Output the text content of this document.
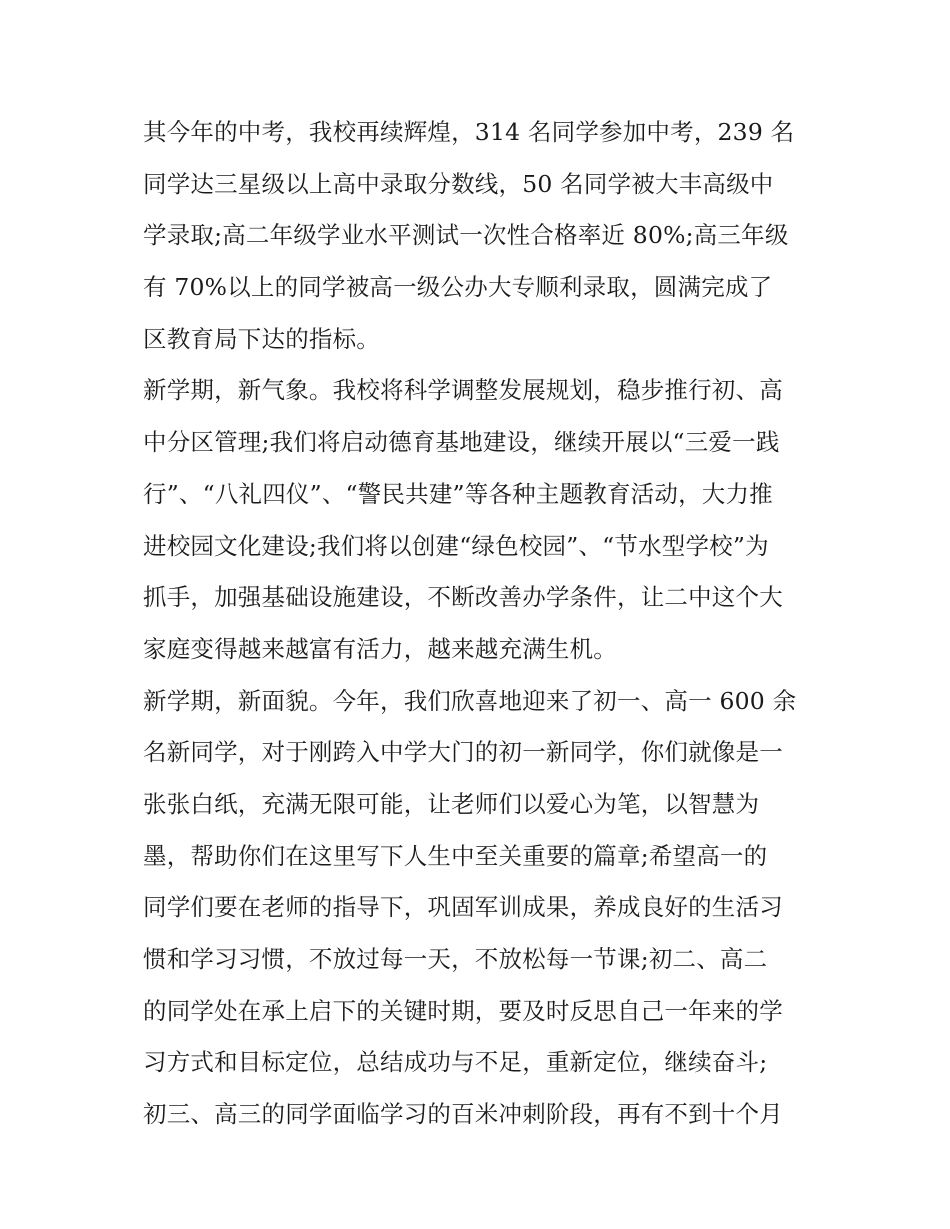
其今年的中考，我校再续辉煌，314 名同学参加中考，239 名
同学达三星级以上高中录取分数线，50 名同学被大丰高级中
学录取;高二年级学业水平测试一次性合格率近 80%;高三年级
有 70%以上的同学被高一级公办大专顺利录取，圆满完成了
区教育局下达的指标。
新学期，新气象。我校将科学调整发展规划，稳步推行初、高
中分区管理;我们将启动德育基地建设，继续开展以“三爱一践
行”、“八礼四仪”、“警民共建”等各种主题教育活动，大力推
进校园文化建设;我们将以创建“绿色校园”、“节水型学校”为
抓手，加强基础设施建设，不断改善办学条件，让二中这个大
家庭变得越来越富有活力，越来越充满生机。
新学期，新面貌。今年，我们欣喜地迎来了初一、高一 600 余
名新同学，对于刚跨入中学大门的初一新同学，你们就像是一
张张白纸，充满无限可能，让老师们以爱心为笔，以智慧为
墨，帮助你们在这里写下人生中至关重要的篇章;希望高一的
同学们要在老师的指导下，巩固军训成果，养成良好的生活习
惯和学习习惯，不放过每一天，不放松每一节课;初二、高二
的同学处在承上启下的关键时期，要及时反思自己一年来的学
习方式和目标定位，总结成功与不足，重新定位，继续奋斗;
初三、高三的同学面临学习的百米冲刺阶段，再有不到十个月
